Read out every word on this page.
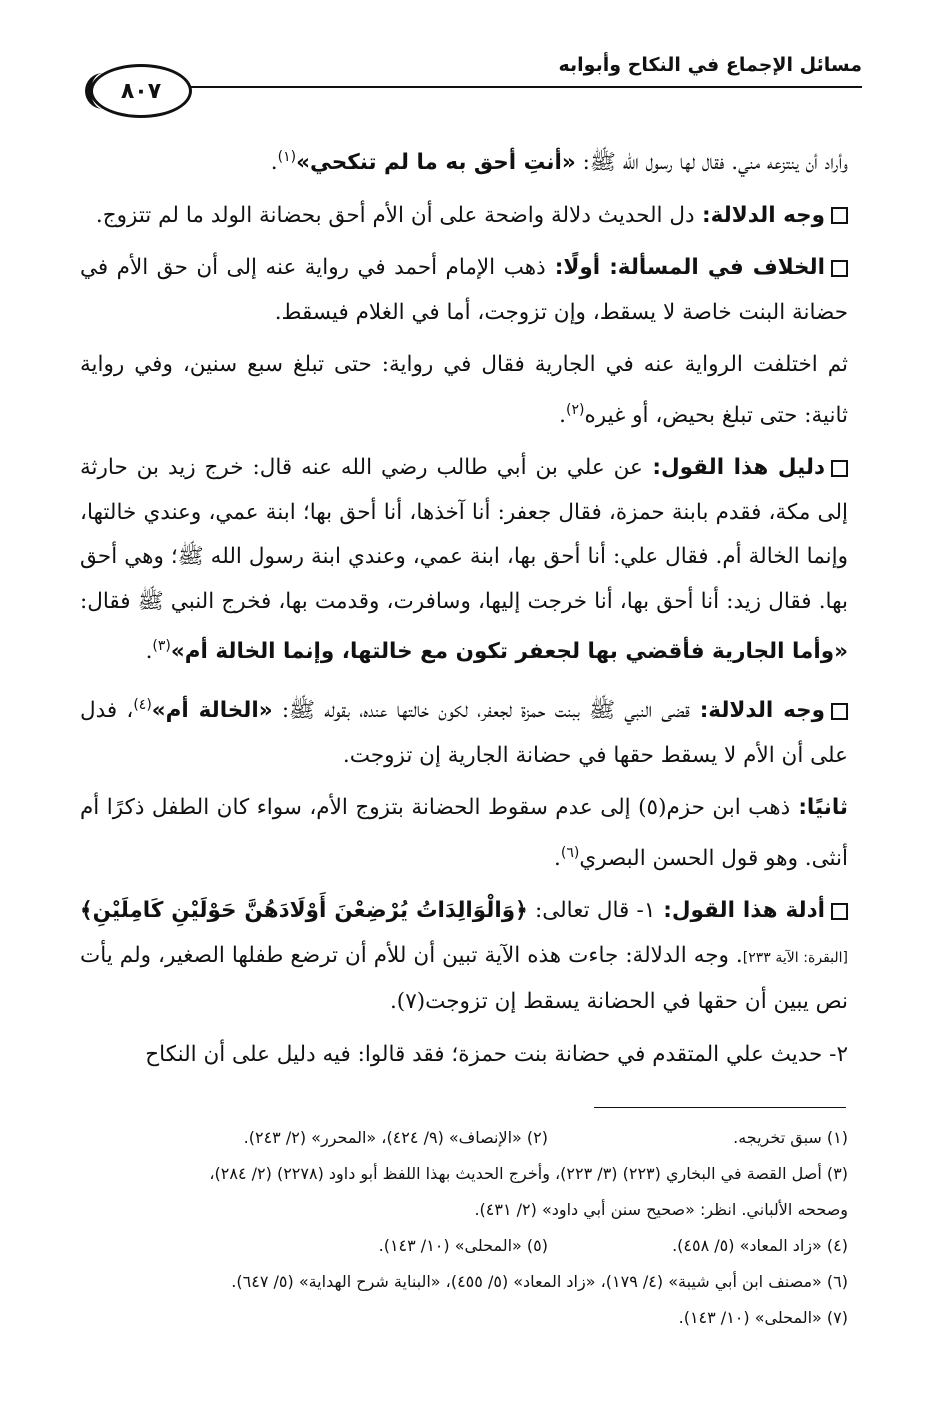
٨٠٧
مسائل الإجماع في النكاح وأبوابه

وأراد أن ينتزعه مني. فقال لها رسول الله ﷺ: «أنتِ أحق به ما لم تنكحي»$^{(١)}$.

وجه الدلالة: دل الحديث دلالة واضحة على أن الأم أحق بحضانة الولد ما لم تتزوج.

الخلاف في المسألة: أولًا: ذهب الإمام أحمد في رواية عنه إلى أن حق الأم في حضانة البنت خاصة لا يسقط، وإن تزوجت، أما في الغلام فيسقط.

ثم اختلفت الرواية عنه في الجارية فقال في رواية: حتى تبلغ سبع سنين، وفي رواية ثانية: حتى تبلغ بحيض، أو غيره$^{(٢)}$.

دليل هذا القول: عن علي بن أبي طالب رضي الله عنه قال: خرج زيد بن حارثة إلى مكة، فقدم بابنة حمزة، فقال جعفر: أنا آخذها، أنا أحق بها؛ ابنة عمي، وعندي خالتها، وإنما الخالة أم. فقال علي: أنا أحق بها، ابنة عمي، وعندي ابنة رسول الله ﷺ؛ وهي أحق بها. فقال زيد: أنا أحق بها، أنا خرجت إليها، وسافرت، وقدمت بها، فخرج النبي ﷺ فقال: «وأما الجارية فأقضي بها لجعفر تكون مع خالتها، وإنما الخالة أم»$^{(٣)}$.

وجه الدلالة: قضى النبي ﷺ ببنت حمزة لجعفر، لكون خالتها عنده، بقوله ﷺ: «الخالة أم»$^{(٤)}$، فدل على أن الأم لا يسقط حقها في حضانة الجارية إن تزوجت.

ثانيًا: ذهب ابن حزم(٥) إلى عدم سقوط الحضانة بتزوج الأم، سواء كان الطفل ذكرًا أم أنثى. وهو قول الحسن البصري$^{(٦)}$.

أدلة هذا القول: ١- قال تعالى: ﴿وَالْوَالِدَاتُ يُرْضِعْنَ أَوْلَادَهُنَّ حَوْلَيْنِ كَامِلَيْنِ﴾[البقرة: الآية ٢٣٣]. وجه الدلالة: جاءت هذه الآية تبين أن للأم أن ترضع طفلها الصغير، ولم يأت نص يبين أن حقها في الحضانة يسقط إن تزوجت(٧).

٢- حديث علي المتقدم في حضانة بنت حمزة؛ فقد قالوا: فيه دليل على أن النكاح

(١) سبق تخريجه.
(٢) «الإنصاف» (٩/ ٤٢٤)، «المحرر» (٢/ ٢٤٣).
(٣) أصل القصة في البخاري (٢٢٣) (٣/ ٢٢٣)، وأخرج الحديث بهذا اللفظ أبو داود (٢٢٧٨) (٢/ ٢٨٤)،
وصححه الألباني. انظر: «صحيح سنن أبي داود» (٢/ ٤٣١).
(٤) «زاد المعاد» (٥/ ٤٥٨).
(٥) «المحلى» (١٠/ ١٤٣).
(٦) «مصنف ابن أبي شيبة» (٤/ ١٧٩)، «زاد المعاد» (٥/ ٤٥٥)، «البناية شرح الهداية» (٥/ ٦٤٧).
(٧) «المحلى» (١٠/ ١٤٣).
